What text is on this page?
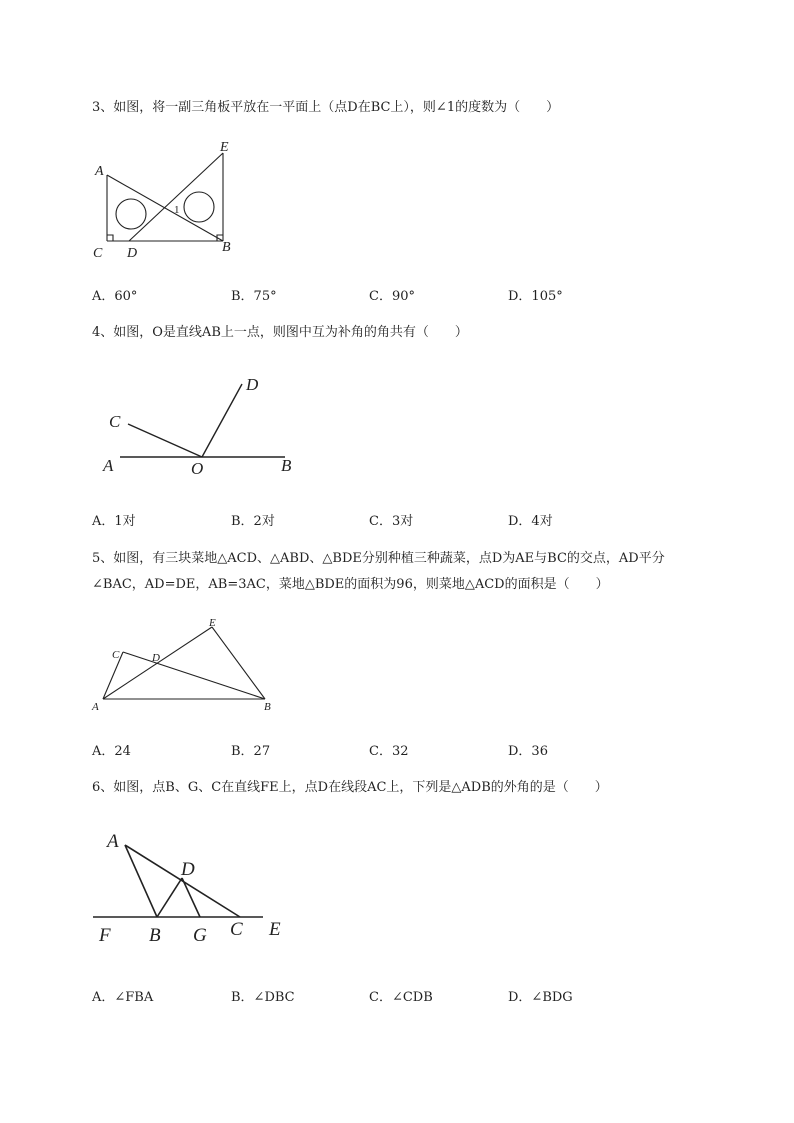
3、如图，将一副三角板平放在一平面上（点D在BC上），则∠1的度数为（　　）
A
C D	B
E
1
A．60°	B．75°	C．90°	D．105°
4、如图，O是直线AB上一点，则图中互为补角的角共有（　　）
A	O	B
C
D
A．1对	B．2对	C．3对	D．4对
5、如图，有三块菜地△ACD、△ABD、△BDE分别种植三种蔬菜，点D为AE与BC的交点，AD平分
∠BAC，AD=DE，AB=3AC，菜地△BDE的面积为96，则菜地△ACD的面积是（　　）
A	B
C	D
E
A．24	B．27	C．32	D．36
6、如图，点B、G、C在直线FE上，点D在线段AC上，下列是△ADB的外角的是（　　）
A
D
F B G C E
A．∠FBA	B．∠DBC	C．∠CDB	D．∠BDG
